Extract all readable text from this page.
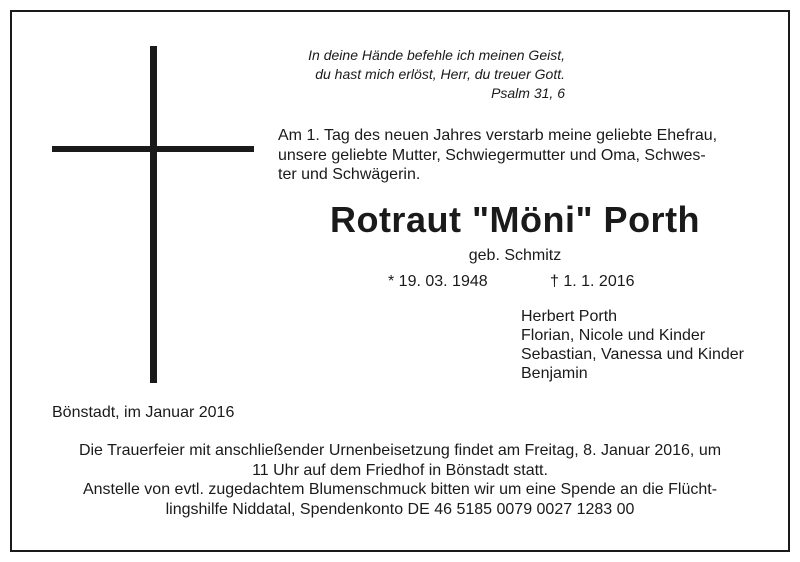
In deine Hände befehle ich meinen Geist,
du hast mich erlöst, Herr, du treuer Gott.
Psalm 31, 6
Am 1. Tag des neuen Jahres verstarb meine geliebte Ehefrau,
unsere geliebte Mutter, Schwiegermutter und Oma, Schwes-
ter und Schwägerin.
Rotraut "Möni" Porth
geb. Schmitz
* 19. 03. 1948	† 1. 1. 2016
Herbert Porth
Florian, Nicole und Kinder
Sebastian, Vanessa und Kinder
Benjamin
Bönstadt, im Januar 2016
Die Trauerfeier mit anschließender Urnenbeisetzung findet am Freitag, 8. Januar 2016, um
11 Uhr auf dem Friedhof in Bönstadt statt.
Anstelle von evtl. zugedachtem Blumenschmuck bitten wir um eine Spende an die Flücht-
lingshilfe Niddatal, Spendenkonto DE 46 5185 0079 0027 1283 00
